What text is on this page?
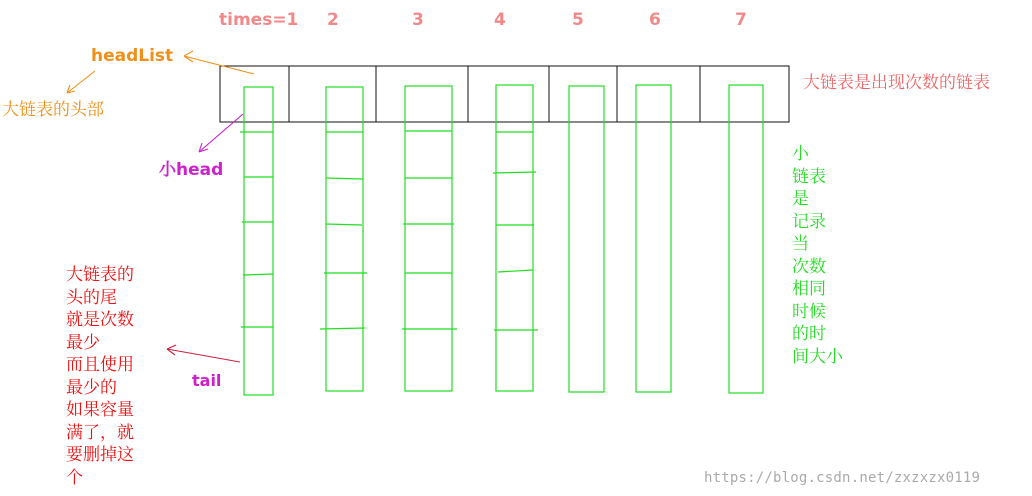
times=1 2	3	4	5	6	7
headList
大链表的头部
大链表是出现次数的链表
小head
tail
小
链表
是
记录
当
次数
相同
时候
的时
间大小
大链表的
头的尾
就是次数
最少
而且使用
最少的
如果容量
满了，就
要删掉这
个	https://blog.csdn.net/zxzxzx0119
